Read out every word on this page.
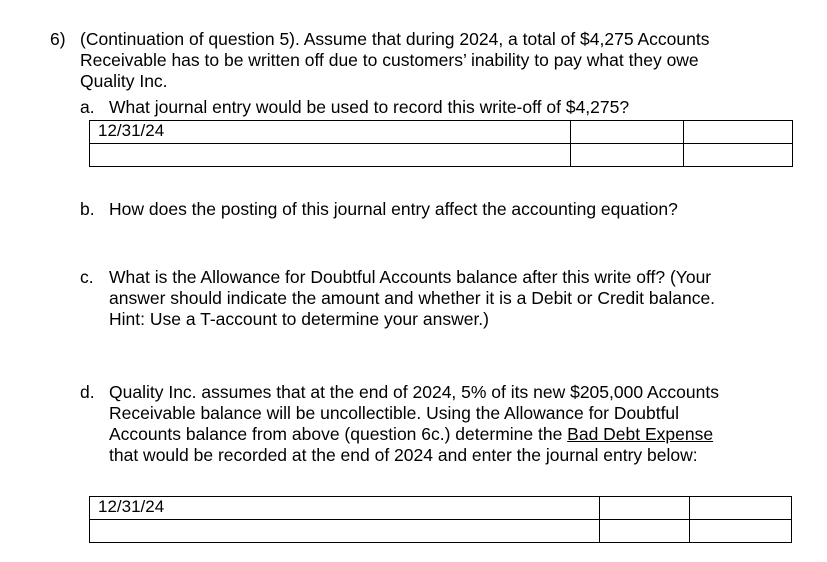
6) (Continuation of question 5). Assume that during 2024, a total of $4,275 Accounts
Receivable has to be written off due to customers’ inability to pay what they owe
Quality Inc.
a. What journal entry would be used to record this write-off of $4,275?
12/31/24		

b. How does the posting of this journal entry affect the accounting equation?
c. What is the Allowance for Doubtful Accounts balance after this write off? (Your
answer should indicate the amount and whether it is a Debit or Credit balance.
Hint: Use a T-account to determine your answer.)
d. Quality Inc. assumes that at the end of 2024, 5% of its new $205,000 Accounts
Receivable balance will be uncollectible. Using the Allowance for Doubtful
Accounts balance from above (question 6c.) determine the Bad Debt Expense
that would be recorded at the end of 2024 and enter the journal entry below:
12/31/24		
